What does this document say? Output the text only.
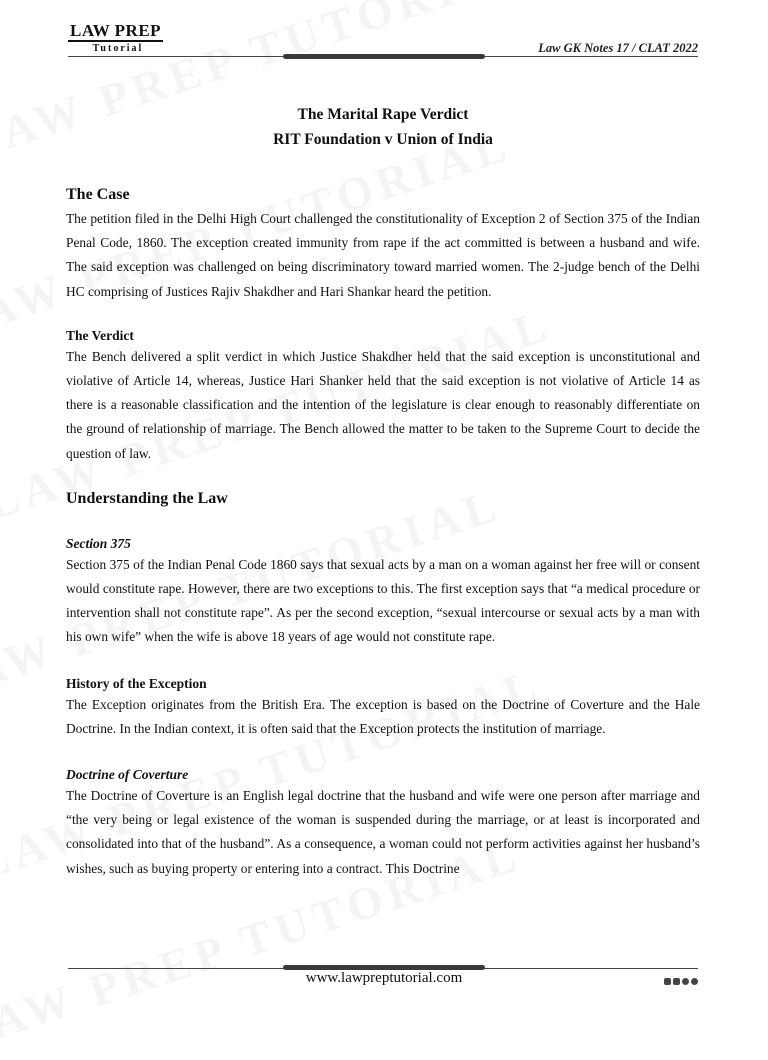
LAW PREP
Tutorial	Law GK Notes 17 / CLAT 2022
The Marital Rape Verdict
RIT Foundation v Union of India
The Case

The petition filed in the Delhi High Court challenged the constitutionality of Exception 2 of Section 375 of the Indian Penal Code, 1860. The exception created immunity from rape if the act committed is between a husband and wife. The said exception was challenged on being discriminatory toward married women. The 2-judge bench of the Delhi HC comprising of Justices Rajiv Shakdher and Hari Shankar heard the petition.

The Verdict

The Bench delivered a split verdict in which Justice Shakdher held that the said exception is unconstitutional and violative of Article 14, whereas, Justice Hari Shanker held that the said exception is not violative of Article 14 as there is a reasonable classification and the intention of the legislature is clear enough to reasonably differentiate on the ground of relationship of marriage. The Bench allowed the matter to be taken to the Supreme Court to decide the question of law.

Understanding the Law
Section 375

Section 375 of the Indian Penal Code 1860 says that sexual acts by a man on a woman against her free will or consent would constitute rape. However, there are two exceptions to this. The first exception says that “a medical procedure or intervention shall not constitute rape”. As per the second exception, “sexual intercourse or sexual acts by a man with his own wife” when the wife is above 18 years of age would not constitute rape.

History of the Exception

The Exception originates from the British Era. The exception is based on the Doctrine of Coverture and the Hale Doctrine. In the Indian context, it is often said that the Exception protects the institution of marriage.

Doctrine of Coverture

The Doctrine of Coverture is an English legal doctrine that the husband and wife were one person after marriage and “the very being or legal existence of the woman is suspended during the marriage, or at least is incorporated and consolidated into that of the husband”. As a consequence, a woman could not perform activities against her husband’s wishes, such as buying property or entering into a contract. This Doctrine

www.lawpreptutorial.com
